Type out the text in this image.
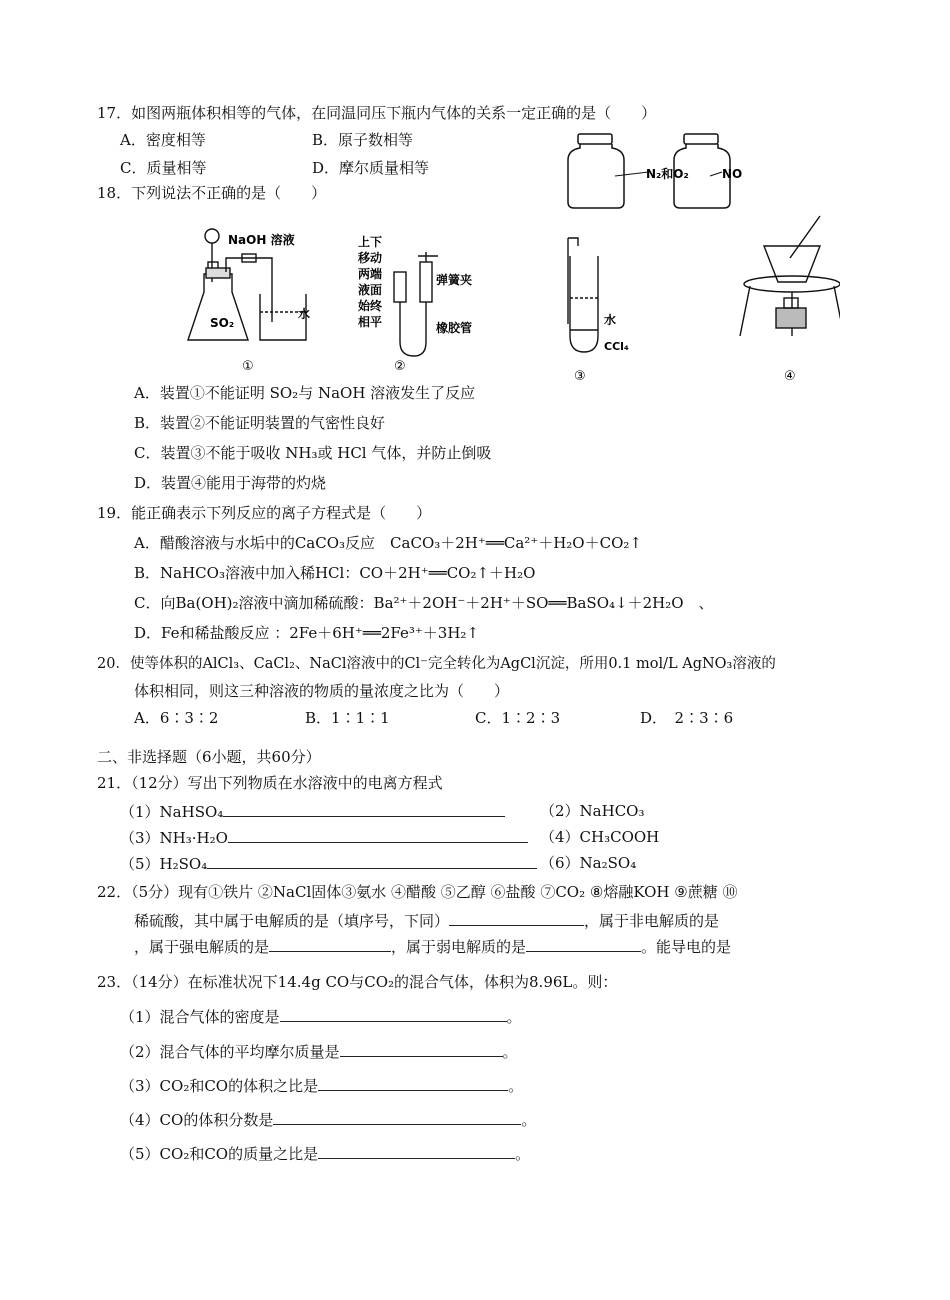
17．如图两瓶体积相等的气体，在同温同压下瓶内气体的关系一定正确的是（　　）
A．密度相等	B．原子数相等
C．质量相等	D．摩尔质量相等	N₂和O₂	NO
18．下列说法不正确的是（　　）
NaOH 溶液
SO₂
水
①
上下
移动
两端
液面
始终
相平
弹簧夹
橡胶管
②
水
CCl₄
③	④
A．装置①不能证明 SO₂与 NaOH 溶液发生了反应
B．装置②不能证明装置的气密性良好
C．装置③不能于吸收 NH₃或 HCl 气体，并防止倒吸
D．装置④能用于海带的灼烧
19．能正确表示下列反应的离子方程式是（　　）
A．醋酸溶液与水垢中的CaCO₃反应　CaCO₃＋2H⁺══Ca²⁺＋H₂O＋CO₂↑
B．NaHCO₃溶液中加入稀HCl：CO＋2H⁺══CO₂↑＋H₂O
C．向Ba(OH)₂溶液中滴加稀硫酸：Ba²⁺＋2OH⁻＋2H⁺＋SO══BaSO₄↓＋2H₂O　、
D．Fe和稀盐酸反应 ：2Fe＋6H⁺══2Fe³⁺＋3H₂↑
20．使等体积的AlCl₃、CaCl₂、NaCl溶液中的Cl⁻完全转化为AgCl沉淀，所用0.1 mol/L AgNO₃溶液的
体积相同，则这三种溶液的物质的量浓度之比为（　　）
A．6∶3∶2	B．1∶1∶1	C．1∶2∶3	D．　2∶3∶6
二、非选择题（6小题，共60分）
21．（12分）写出下列物质在水溶液中的电离方程式
（1）NaHSO₄	（2）NaHCO₃
（3）NH₃·H₂O	（4）CH₃COOH
（5）H₂SO₄	（6）Na₂SO₄
22．（5分）现有①铁片 ②NaCl固体③氨水 ④醋酸 ⑤乙醇 ⑥盐酸 ⑦CO₂ ⑧熔融KOH ⑨蔗糖 ⑩
稀硫酸，其中属于电解质的是（填序号，下同）	，属于非电解质的是
，属于强电解质的是	，属于弱电解质的是	。能导电的是
23．（14分）在标准状况下14.4g CO与CO₂的混合气体，体积为8.96L。则：
（1）混合气体的密度是	。
（2）混合气体的平均摩尔质量是	。
（3）CO₂和CO的体积之比是	。
（4）CO的体积分数是	。
（5）CO₂和CO的质量之比是	。
